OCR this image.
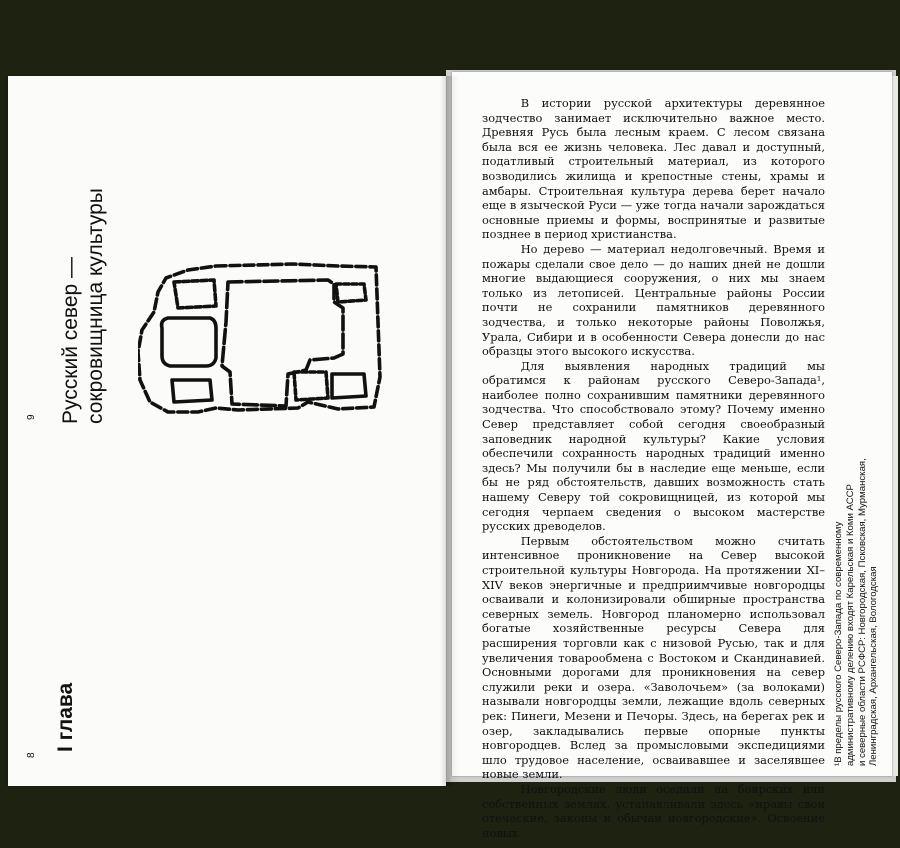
9
8
I глава
Русский север — сокровищница культуры

В истории русской архитектуры деревянное зодчество занимает исключительно важное место. Древняя Русь была лесным краем. С лесом связана была вся ее жизнь человека. Лес давал и доступный, податливый строительный материал, из которого возводились жилища и крепостные стены, храмы и амбары. Строительная культура дерева берет начало еще в языческой Руси — уже тогда начали зарождаться основные приемы и формы, воспринятые и развитые позднее в период христианства.

Но дерево — материал недолговечный. Время и пожары сделали свое дело — до наших дней не дошли многие выдающиеся сооружения, о них мы знаем только из летописей. Центральные районы России почти не сохранили памятников деревянного зодчества, и только некоторые районы Поволжья, Урала, Сибири и в особенности Севера донесли до нас образцы этого высокого искусства.

Для выявления народных традиций мы обратимся к районам русского Северо-Запада¹, наиболее полно сохранившим памятники деревянного зодчества. Что способствовало этому? Почему именно Север представляет собой сегодня своеобразный заповедник народной культуры? Какие условия обеспечили сохранность народных традиций именно здесь? Мы получили бы в наследие еще меньше, если бы не ряд обстоятельств, давших возможность стать нашему Северу той сокровищницей, из которой мы сегодня черпаем сведения о высоком мастерстве русских древоделов.

Первым обстоятельством можно считать интенсивное проникновение на Север высокой строительной культуры Новгорода. На протяжении XI–XIV веков энергичные и предприимчивые новгородцы осваивали и колонизировали обширные пространства северных земель. Новгород планомерно использовал богатые хозяйственные ресурсы Севера для расширения торговли как с низовой Русью, так и для увеличения товарообмена с Востоком и Скандинавией. Основными дорогами для проникновения на север служили реки и озера. «Заволочьем» (за волоками) называли новгородцы земли, лежащие вдоль северных рек: Пинеги, Мезени и Печоры. Здесь, на берегах рек и озер, закладывались первые опорные пункты новгородцев. Вслед за промысловыми экспедициями шло трудовое население, осваивавшее и заселявшее новые земли.

Новгородские люди оседали на боярских или собственных землях, устанавливали здесь «нравы свои отеческие, законы и обычаи новгородские». Освоение новых

¹В пределы русского Северо-Запада по современному административному делению входят Карельская и Коми АССР и северные области РСФСР: Новгородская, Псковская, Мурманская, Ленинградская, Архангельская, Вологодская
